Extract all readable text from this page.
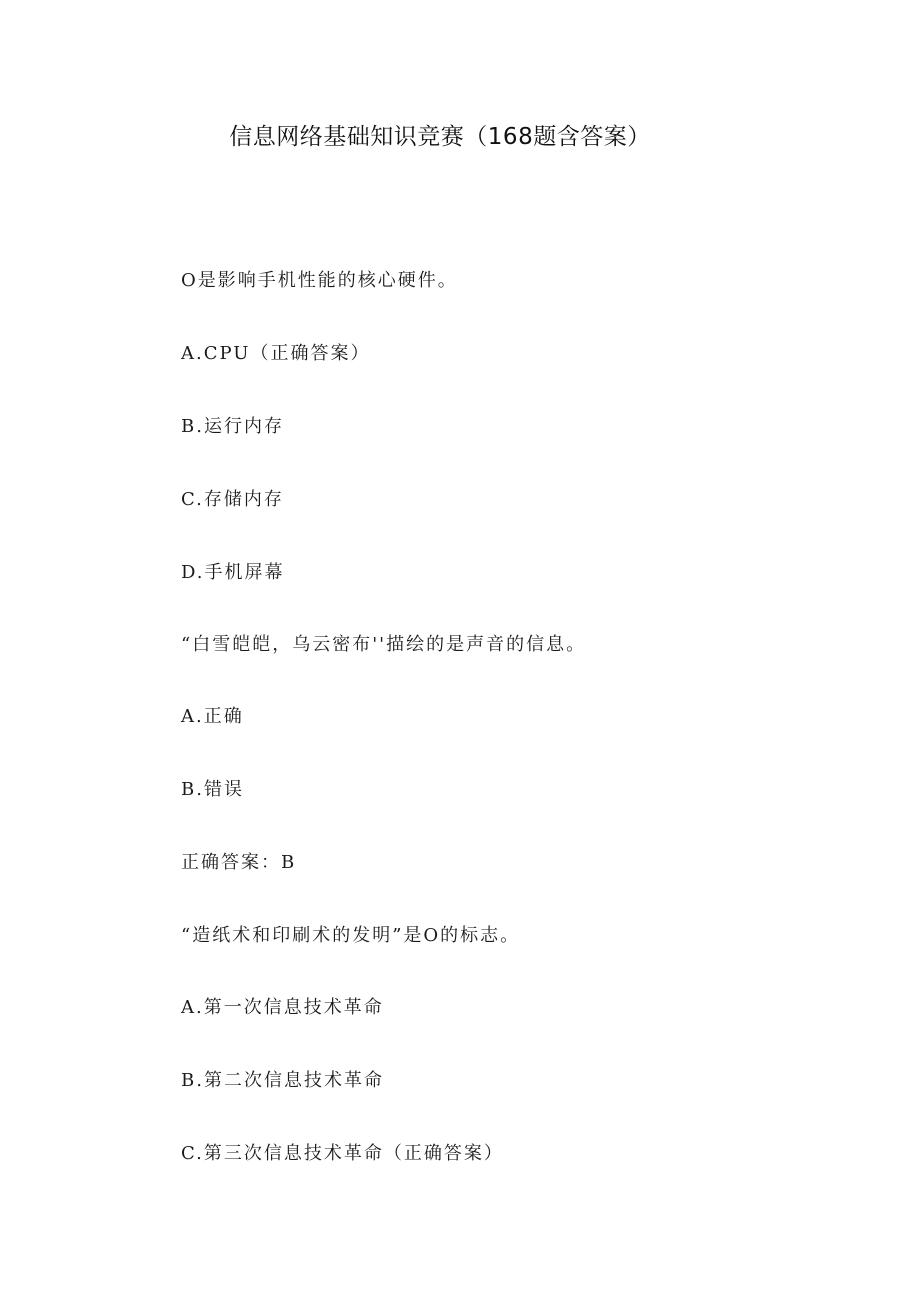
信息网络基础知识竞赛（168题含答案）
O是影响手机性能的核心硬件。
A.CPU（正确答案）
B.运行内存
C.存储内存
D.手机屏幕
“白雪皑皑，乌云密布''描绘的是声音的信息。
A.正确
B.错误
正确答案：B
“造纸术和印刷术的发明”是O的标志。
A.第一次信息技术革命
B.第二次信息技术革命
C.第三次信息技术革命（正确答案）
